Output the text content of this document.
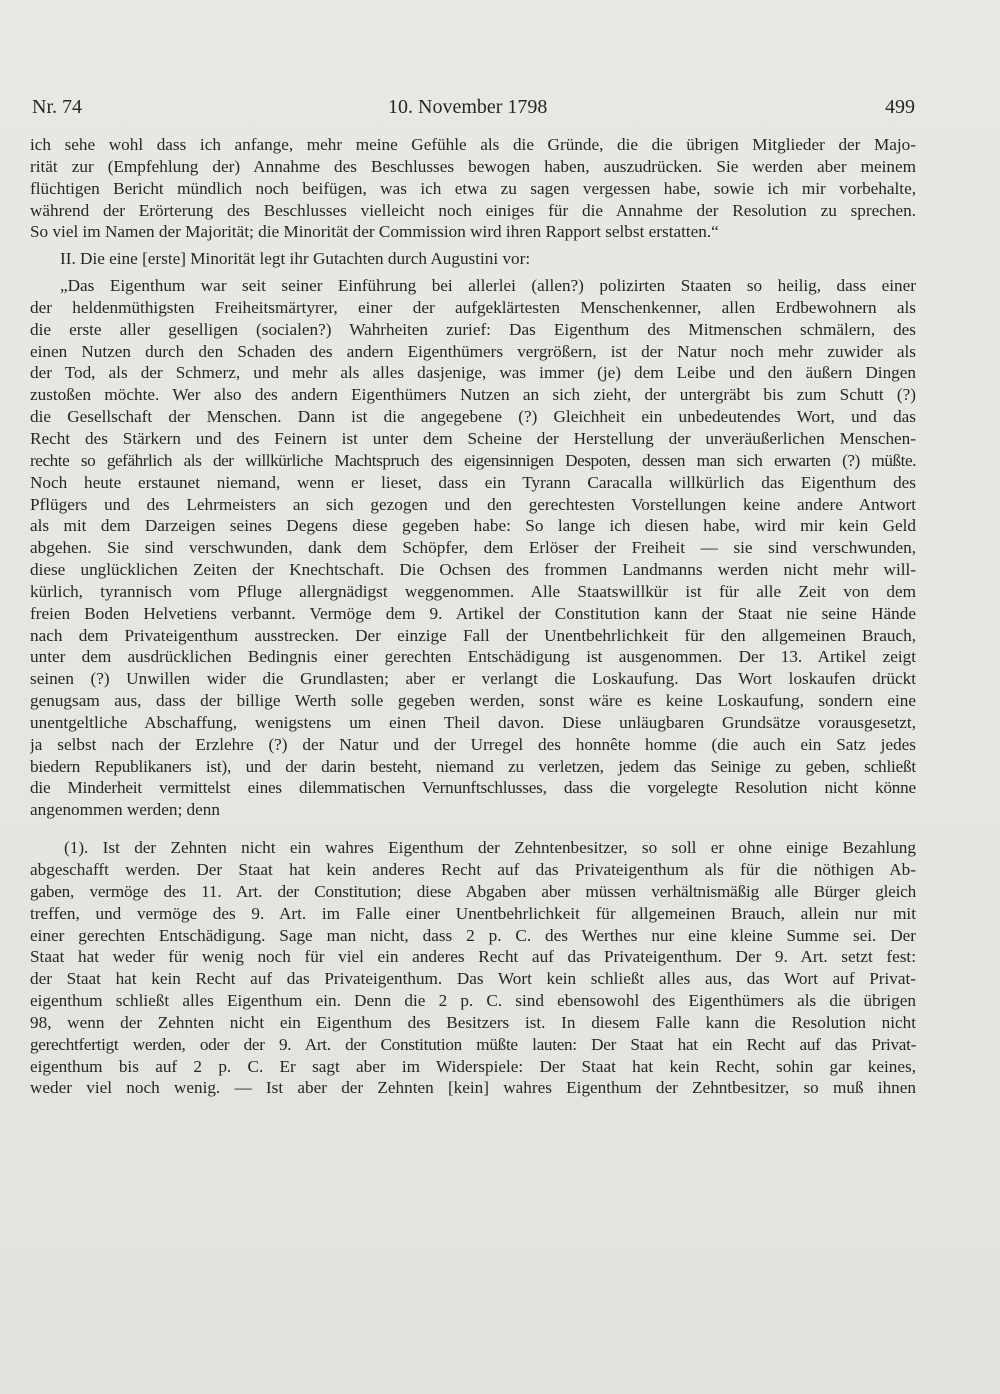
Nr. 74	10. November 1798	499
ich sehe wohl dass ich anfange, mehr meine Gefühle als die Gründe, die die übrigen Mitglieder der Majo-
rität zur (Empfehlung der) Annahme des Beschlusses bewogen haben, auszudrücken. Sie werden aber meinem
flüchtigen Bericht mündlich noch beifügen, was ich etwa zu sagen vergessen habe, sowie ich mir vorbehalte,
während der Erörterung des Beschlusses vielleicht noch einiges für die Annahme der Resolution zu sprechen.
So viel im Namen der Majorität; die Minorität der Commission wird ihren Rapport selbst erstatten.“
II. Die eine [erste] Minorität legt ihr Gutachten durch Augustini vor:
„Das Eigenthum war seit seiner Einführung bei allerlei (allen?) polizirten Staaten so heilig, dass einer
der heldenmüthigsten Freiheitsmärtyrer, einer der aufgeklärtesten Menschenkenner, allen Erdbewohnern als
die erste aller geselligen (socialen?) Wahrheiten zurief: Das Eigenthum des Mitmenschen schmälern, des
einen Nutzen durch den Schaden des andern Eigenthümers vergrößern, ist der Natur noch mehr zuwider als
der Tod, als der Schmerz, und mehr als alles dasjenige, was immer (je) dem Leibe und den äußern Dingen
zustoßen möchte. Wer also des andern Eigenthümers Nutzen an sich zieht, der untergräbt bis zum Schutt (?)
die Gesellschaft der Menschen. Dann ist die angegebene (?) Gleichheit ein unbedeutendes Wort, und das
Recht des Stärkern und des Feinern ist unter dem Scheine der Herstellung der unveräußerlichen Menschen-
rechte so gefährlich als der willkürliche Machtspruch des eigensinnigen Despoten, dessen man sich erwarten (?) müßte.
Noch heute erstaunet niemand, wenn er lieset, dass ein Tyrann Caracalla willkürlich das Eigenthum des
Pflügers und des Lehrmeisters an sich gezogen und den gerechtesten Vorstellungen keine andere Antwort
als mit dem Darzeigen seines Degens diese gegeben habe: So lange ich diesen habe, wird mir kein Geld
abgehen. Sie sind verschwunden, dank dem Schöpfer, dem Erlöser der Freiheit — sie sind verschwunden,
diese unglücklichen Zeiten der Knechtschaft. Die Ochsen des frommen Landmanns werden nicht mehr will-
kürlich, tyrannisch vom Pfluge allergnädigst weggenommen. Alle Staatswillkür ist für alle Zeit von dem
freien Boden Helvetiens verbannt. Vermöge dem 9. Artikel der Constitution kann der Staat nie seine Hände
nach dem Privateigenthum ausstrecken. Der einzige Fall der Unentbehrlichkeit für den allgemeinen Brauch,
unter dem ausdrücklichen Bedingnis einer gerechten Entschädigung ist ausgenommen. Der 13. Artikel zeigt
seinen (?) Unwillen wider die Grundlasten; aber er verlangt die Loskaufung. Das Wort loskaufen drückt
genugsam aus, dass der billige Werth solle gegeben werden, sonst wäre es keine Loskaufung, sondern eine
unentgeltliche Abschaffung, wenigstens um einen Theil davon. Diese unläugbaren Grundsätze vorausgesetzt,
ja selbst nach der Erzlehre (?) der Natur und der Urregel des honnête homme (die auch ein Satz jedes
biedern Republikaners ist), und der darin besteht, niemand zu verletzen, jedem das Seinige zu geben, schließt
die Minderheit vermittelst eines dilemmatischen Vernunftschlusses, dass die vorgelegte Resolution nicht könne
angenommen werden; denn
(1). Ist der Zehnten nicht ein wahres Eigenthum der Zehntenbesitzer, so soll er ohne einige Bezahlung
abgeschafft werden. Der Staat hat kein anderes Recht auf das Privateigenthum als für die nöthigen Ab-
gaben, vermöge des 11. Art. der Constitution; diese Abgaben aber müssen verhältnismäßig alle Bürger gleich
treffen, und vermöge des 9. Art. im Falle einer Unentbehrlichkeit für allgemeinen Brauch, allein nur mit
einer gerechten Entschädigung. Sage man nicht, dass 2 p. C. des Werthes nur eine kleine Summe sei. Der
Staat hat weder für wenig noch für viel ein anderes Recht auf das Privateigenthum. Der 9. Art. setzt fest:
der Staat hat kein Recht auf das Privateigenthum. Das Wort kein schließt alles aus, das Wort auf Privat-
eigenthum schließt alles Eigenthum ein. Denn die 2 p. C. sind ebensowohl des Eigenthümers als die übrigen
98, wenn der Zehnten nicht ein Eigenthum des Besitzers ist. In diesem Falle kann die Resolution nicht
gerechtfertigt werden, oder der 9. Art. der Constitution müßte lauten: Der Staat hat ein Recht auf das Privat-
eigenthum bis auf 2 p. C. Er sagt aber im Widerspiele: Der Staat hat kein Recht, sohin gar keines,
weder viel noch wenig. — Ist aber der Zehnten [kein] wahres Eigenthum der Zehntbesitzer, so muß ihnen
